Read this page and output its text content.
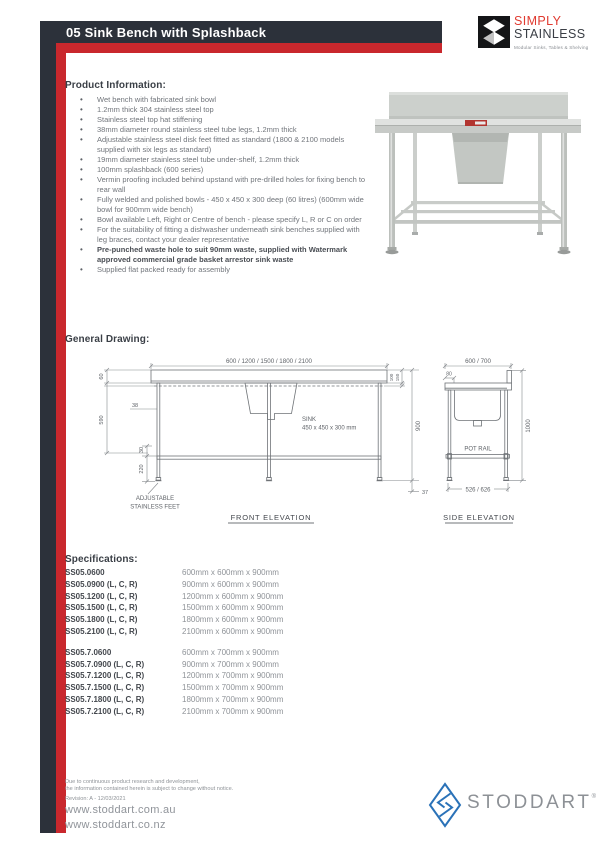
05 Sink Bench with Splashback
SIMPLY
STAINLESS
Modular Sinks, Tables & Shelving
Product Information:
• Wet bench with fabricated sink bowl
• 1.2mm thick 304 stainless steel top
• Stainless steel top hat stiffening
• 38mm diameter round stainless steel tube legs, 1.2mm thick
• Adjustable stainless steel disk feet fitted as standard (1800 & 2100 models supplied with six legs as standard)
• 19mm diameter stainless steel tube under-shelf, 1.2mm thick
• 100mm splashback (600 series)
• Vermin proofing included behind upstand with pre-drilled holes for fixing bench to rear wall
• Fully welded and polished bowls - 450 x 450 x 300 deep (60 litres) (600mm wide bowl for 900mm wide bench)
• Bowl available Left, Right or Centre of bench - please specify L, R or C on order
• For the suitability of fitting a dishwasher underneath sink benches supplied with leg braces, contact your dealer representative
• Pre-punched waste hole to suit 90mm waste, supplied with Watermark approved commercial grade basket arrestor sink waste
• Supplied flat packed ready for assembly
General Drawing:
600 / 1200 / 1500 / 1800 / 2100
60
590
38
30
220
100 150
900
37
SINK
450 x 450 x 300 mm
ADJUSTABLE
STAINLESS FEET
FRONT ELEVATION
600 / 700
80
POT RAIL
1000
526 / 626
SIDE ELEVATION
Specifications:
SS05.0600	600mm x 600mm x 900mm
SS05.0900 (L, C, R)	900mm x 600mm x 900mm
SS05.1200 (L, C, R)	1200mm x 600mm x 900mm
SS05.1500 (L, C, R)	1500mm x 600mm x 900mm
SS05.1800 (L, C, R)	1800mm x 600mm x 900mm
SS05.2100 (L, C, R)	2100mm x 600mm x 900mm
SS05.7.0600	600mm x 700mm x 900mm
SS05.7.0900 (L, C, R)	900mm x 700mm x 900mm
SS05.7.1200 (L, C, R)	1200mm x 700mm x 900mm
SS05.7.1500 (L, C, R)	1500mm x 700mm x 900mm
SS05.7.1800 (L, C, R)	1800mm x 700mm x 900mm
SS05.7.2100 (L, C, R)	2100mm x 700mm x 900mm
Due to continuous product research and development,
the information contained herein is subject to change without notice.
Revision: A - 12/03/2021
www.stoddart.com.au
www.stoddart.co.nz
STODDART®
